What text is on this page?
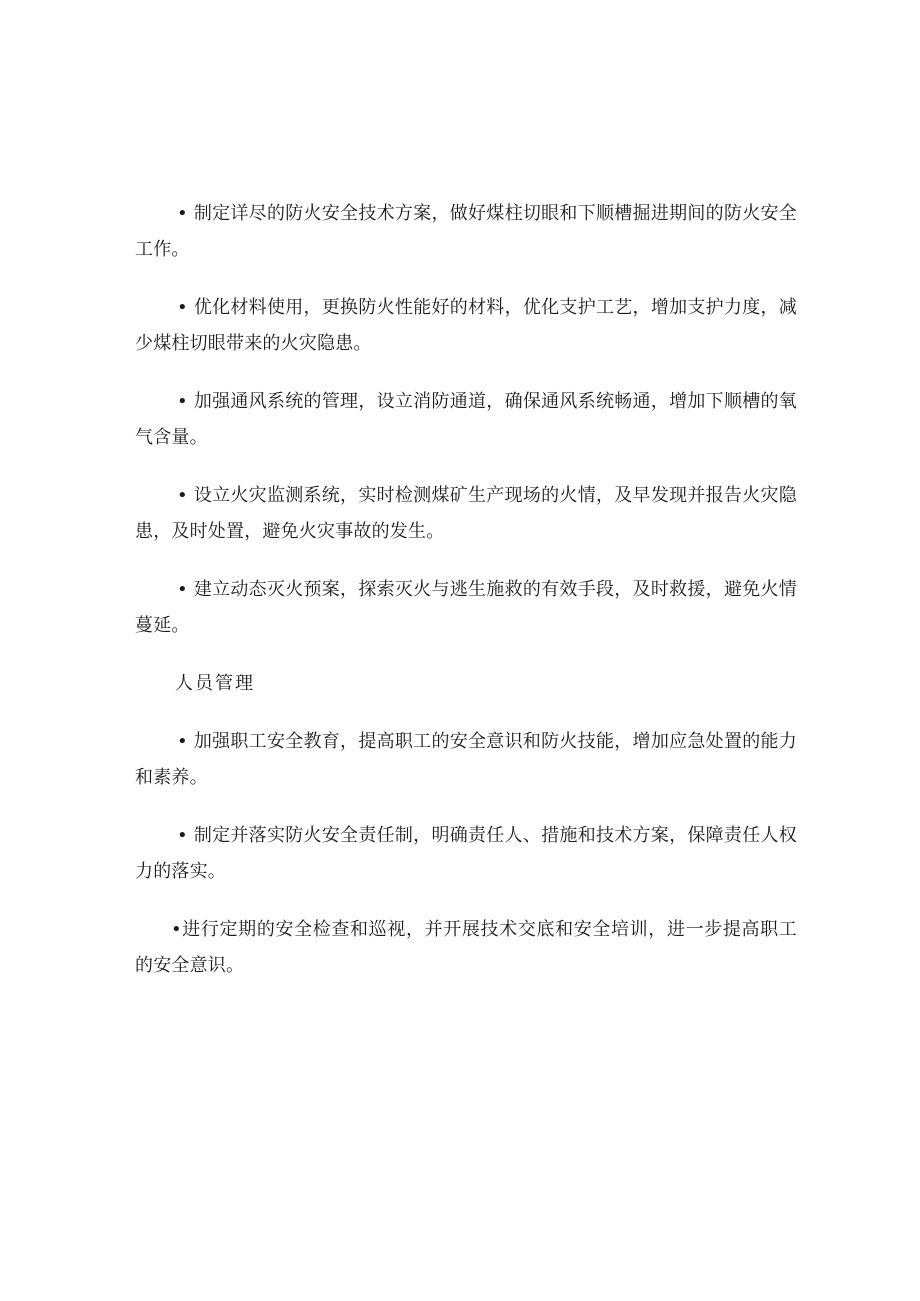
• 制定详尽的防火安全技术方案，做好煤柱切眼和下顺槽掘进期间的防火安全工作。

• 优化材料使用，更换防火性能好的材料，优化支护工艺，增加支护力度，减少煤柱切眼带来的火灾隐患。

• 加强通风系统的管理，设立消防通道，确保通风系统畅通，增加下顺槽的氧气含量。

• 设立火灾监测系统，实时检测煤矿生产现场的火情，及早发现并报告火灾隐患，及时处置，避免火灾事故的发生。

• 建立动态灭火预案，探索灭火与逃生施救的有效手段，及时救援，避免火情蔓延。

人员管理

• 加强职工安全教育，提高职工的安全意识和防火技能，增加应急处置的能力和素养。

• 制定并落实防火安全责任制，明确责任人、措施和技术方案，保障责任人权力的落实。

•进行定期的安全检查和巡视，并开展技术交底和安全培训，进一步提高职工的安全意识。
